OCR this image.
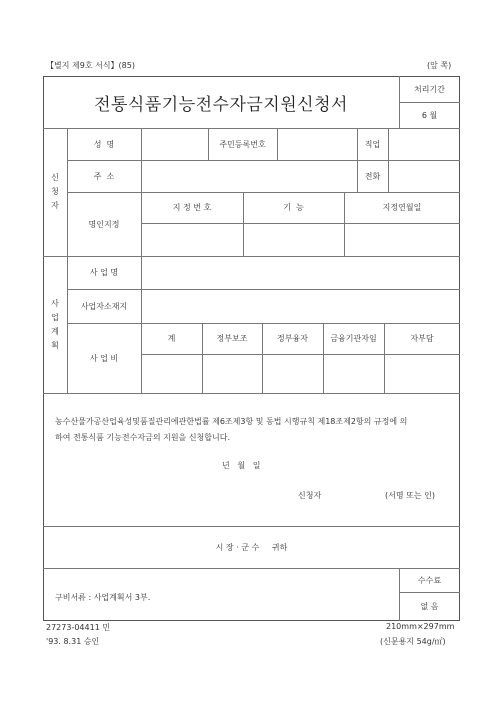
【별지 제9호 서식】(85)	(앞 쪽)
전통식품기능전수자금지원신청서
처리기간
6 월
신
청
자
성  명	주민등록번호	직업
주  소	전화
명인지정
지 정 번 호	기  능	지정연월일
사
업
계
획
사 업 명
사업자소재지
사 업 비
계	정부보조	정부융자	금융기관자임	자부담
농수산물가공산업육성및품질관리에관한법률 제6조제3항 및 동법 시행규칙 제18조제2항의 규정에 의
하여 전통식품 기능전수자금의 지원을 신청합니다.
년   월   일
신청자	(서명 또는 인)
시 장 · 군 수     귀하
구비서류 : 사업계획서 3부.
수수료
없 음
27273-04411 민
'93. 8.31 승인
210mm×297mm
(신문용지 54g/㎡)
